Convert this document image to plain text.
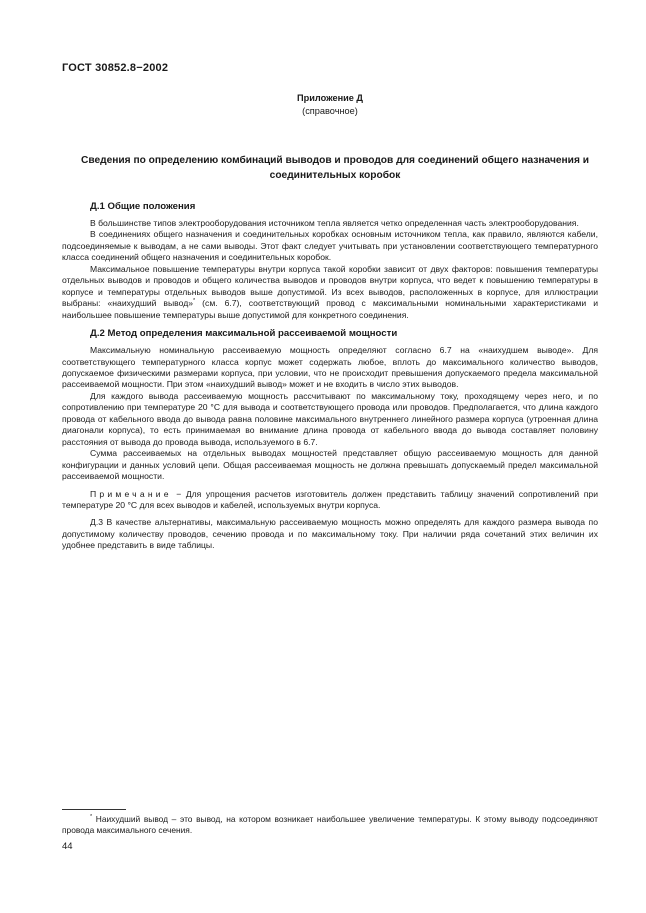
ГОСТ 30852.8−2002
Приложение Д
(справочное)
Сведения по определению комбинаций выводов и проводов для соединений общего назначения и соединительных коробок
Д.1 Общие положения

В большинстве типов электрооборудования источником тепла является четко определенная часть электрооборудования.

В соединениях общего назначения и соединительных коробках основным источником тепла, как правило, являются кабели, подсоединяемые к выводам, а не сами выводы. Этот факт следует учитывать при установлении соответствующего температурного класса соединений общего назначения и соединительных коробок.

Максимальное повышение температуры внутри корпуса такой коробки зависит от двух факторов: повышения температуры отдельных выводов и проводов и общего количества выводов и проводов внутри корпуса, что ведет к повышению температуры в корпусе и температуры отдельных выводов выше допустимой. Из всех выводов, расположенных в корпусе, для иллюстрации выбраны: «наихудший вывод»* (см. 6.7), соответствующий провод с максимальными номинальными характеристиками и наибольшее повышение температуры выше допустимой для конкретного соединения.

Д.2 Метод определения максимальной рассеиваемой мощности

Максимальную номинальную рассеиваемую мощность определяют согласно 6.7 на «наихудшем выводе». Для соответствующего температурного класса корпус может содержать любое, вплоть до максимального количество выводов, допускаемое физическими размерами корпуса, при условии, что не происходит превышения допускаемого предела максимальной рассеиваемой мощности. При этом «наихудший вывод» может и не входить в число этих выводов.

Для каждого вывода рассеиваемую мощность рассчитывают по максимальному току, проходящему через него, и по сопротивлению при температуре 20 °С для вывода и соответствующего провода или проводов. Предполагается, что длина каждого провода от кабельного ввода до вывода равна половине максимального внутреннего линейного размера корпуса (утроенная длина диагонали корпуса), то есть принимаемая во внимание длина провода от кабельного ввода до вывода составляет половину расстояния от вывода до провода вывода, используемого в 6.7.

Сумма рассеиваемых на отдельных выводах мощностей представляет общую рассеиваемую мощность для данной конфигурации и данных условий цепи. Общая рассеиваемая мощность не должна превышать допускаемый предел максимальной рассеиваемой мощности.

Примечание − Для упрощения расчетов изготовитель должен представить таблицу значений сопротивлений при температуре 20 °С для всех выводов и кабелей, используемых внутри корпуса.

Д.3 В качестве альтернативы, максимальную рассеиваемую мощность можно определять для каждого размера вывода по допустимому количеству проводов, сечению провода и по максимальному току. При наличии ряда сочетаний этих величин их удобнее представить в виде таблицы.

* Наихудший вывод – это вывод, на котором возникает наибольшее увеличение температуры. К этому выводу подсоединяют провода максимального сечения.

44
